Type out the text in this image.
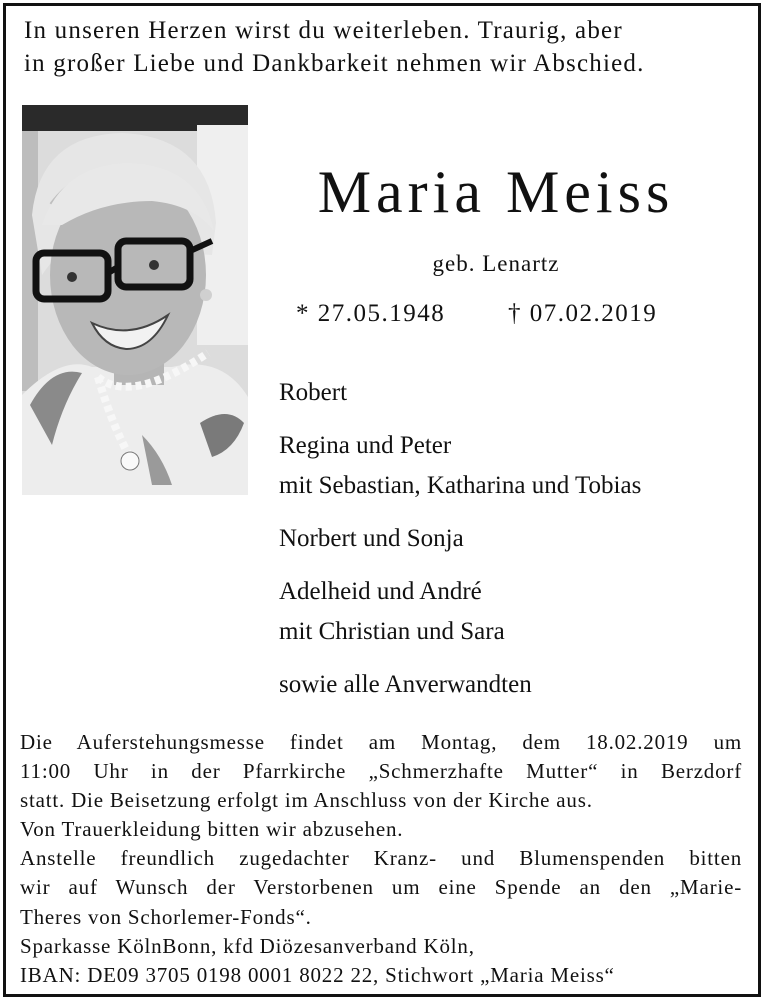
In unseren Herzen wirst du weiterleben. Traurig, aber
in großer Liebe und Dankbarkeit nehmen wir Abschied.
Maria Meiss
geb. Lenartz
* 27.05.1948	† 07.02.2019
Robert
Regina und Peter
mit Sebastian, Katharina und Tobias
Norbert und Sonja
Adelheid und André
mit Christian und Sara
sowie alle Anverwandten
Die Auferstehungsmesse findet am Montag, dem 18.02.2019 um
11:00 Uhr in der Pfarrkirche „Schmerzhafte Mutter“ in Berzdorf
statt. Die Beisetzung erfolgt im Anschluss von der Kirche aus.
Von Trauerkleidung bitten wir abzusehen.
Anstelle freundlich zugedachter Kranz- und Blumenspenden bitten
wir auf Wunsch der Verstorbenen um eine Spende an den „Marie-
Theres von Schorlemer-Fonds“.
Sparkasse KölnBonn, kfd Diözesanverband Köln,
IBAN: DE09 3705 0198 0001 8022 22, Stichwort „Maria Meiss“
